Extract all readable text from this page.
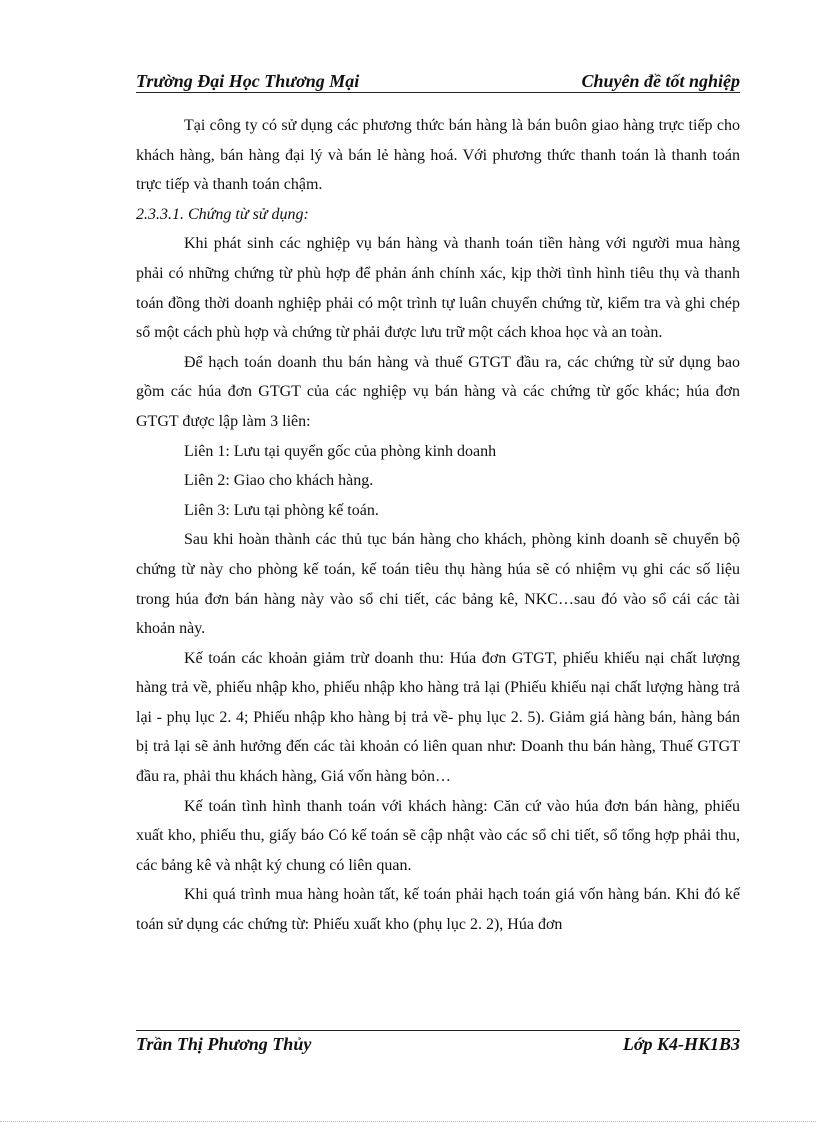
Trường Đại Học Thương Mại	Chuyên đề tốt nghiệp

Tại công ty có sử dụng các phương thức bán hàng là bán buôn giao hàng trực tiếp cho khách hàng, bán hàng đại lý và bán lẻ hàng hoá. Với phương thức thanh toán là thanh toán trực tiếp và thanh toán chậm.

2.3.3.1. Chứng từ sử dụng:

Khi phát sinh các nghiệp vụ bán hàng và thanh toán tiền hàng với người mua hàng phải có những chứng từ phù hợp để phản ánh chính xác, kịp thời tình hình tiêu thụ và thanh toán đồng thời doanh nghiệp phải có một trình tự luân chuyển chứng từ, kiểm tra và ghi chép sổ một cách phù hợp và chứng từ phải được lưu trữ một cách khoa học và an toàn.

Để hạch toán doanh thu bán hàng và thuế GTGT đầu ra, các chứng từ sử dụng bao gồm các húa đơn GTGT của các nghiệp vụ bán hàng và các chứng từ gốc khác; húa đơn GTGT được lập làm 3 liên:

Liên 1: Lưu tại quyển gốc của phòng kinh doanh

Liên 2: Giao cho khách hàng.

Liên 3: Lưu tại phòng kế toán.

Sau khi hoàn thành các thủ tục bán hàng cho khách, phòng kinh doanh sẽ chuyển bộ chứng từ này cho phòng kế toán, kế toán tiêu thụ hàng húa sẽ có nhiệm vụ ghi các số liệu trong húa đơn bán hàng này vào sổ chi tiết, các bảng kê, NKC…sau đó vào sổ cái các tài khoản này.

Kế toán các khoản giảm trừ doanh thu: Húa đơn GTGT, phiếu khiếu nại chất lượng hàng trả về, phiếu nhập kho, phiếu nhập kho hàng trả lại (Phiếu khiếu nại chất lượng hàng trả lại - phụ lục 2. 4; Phiếu nhập kho hàng bị trả về- phụ lục 2. 5). Giảm giá hàng bán, hàng bán bị trả lại sẽ ảnh hưởng đến các tài khoản có liên quan như: Doanh thu bán hàng, Thuế GTGT đầu ra, phải thu khách hàng, Giá vốn hàng bỏn…

Kế toán tình hình thanh toán với khách hàng: Căn cứ vào húa đơn bán hàng, phiếu xuất kho, phiếu thu, giấy báo Có kế toán sẽ cập nhật vào các sổ chi tiết, sổ tổng hợp phải thu, các bảng kê và nhật ký chung có liên quan.

Khi quá trình mua hàng hoàn tất, kế toán phải hạch toán giá vốn hàng bán. Khi đó kế toán sử dụng các chứng từ: Phiếu xuất kho (phụ lục 2. 2), Húa đơn

Trần Thị Phương Thủy	Lớp K4-HK1B3
